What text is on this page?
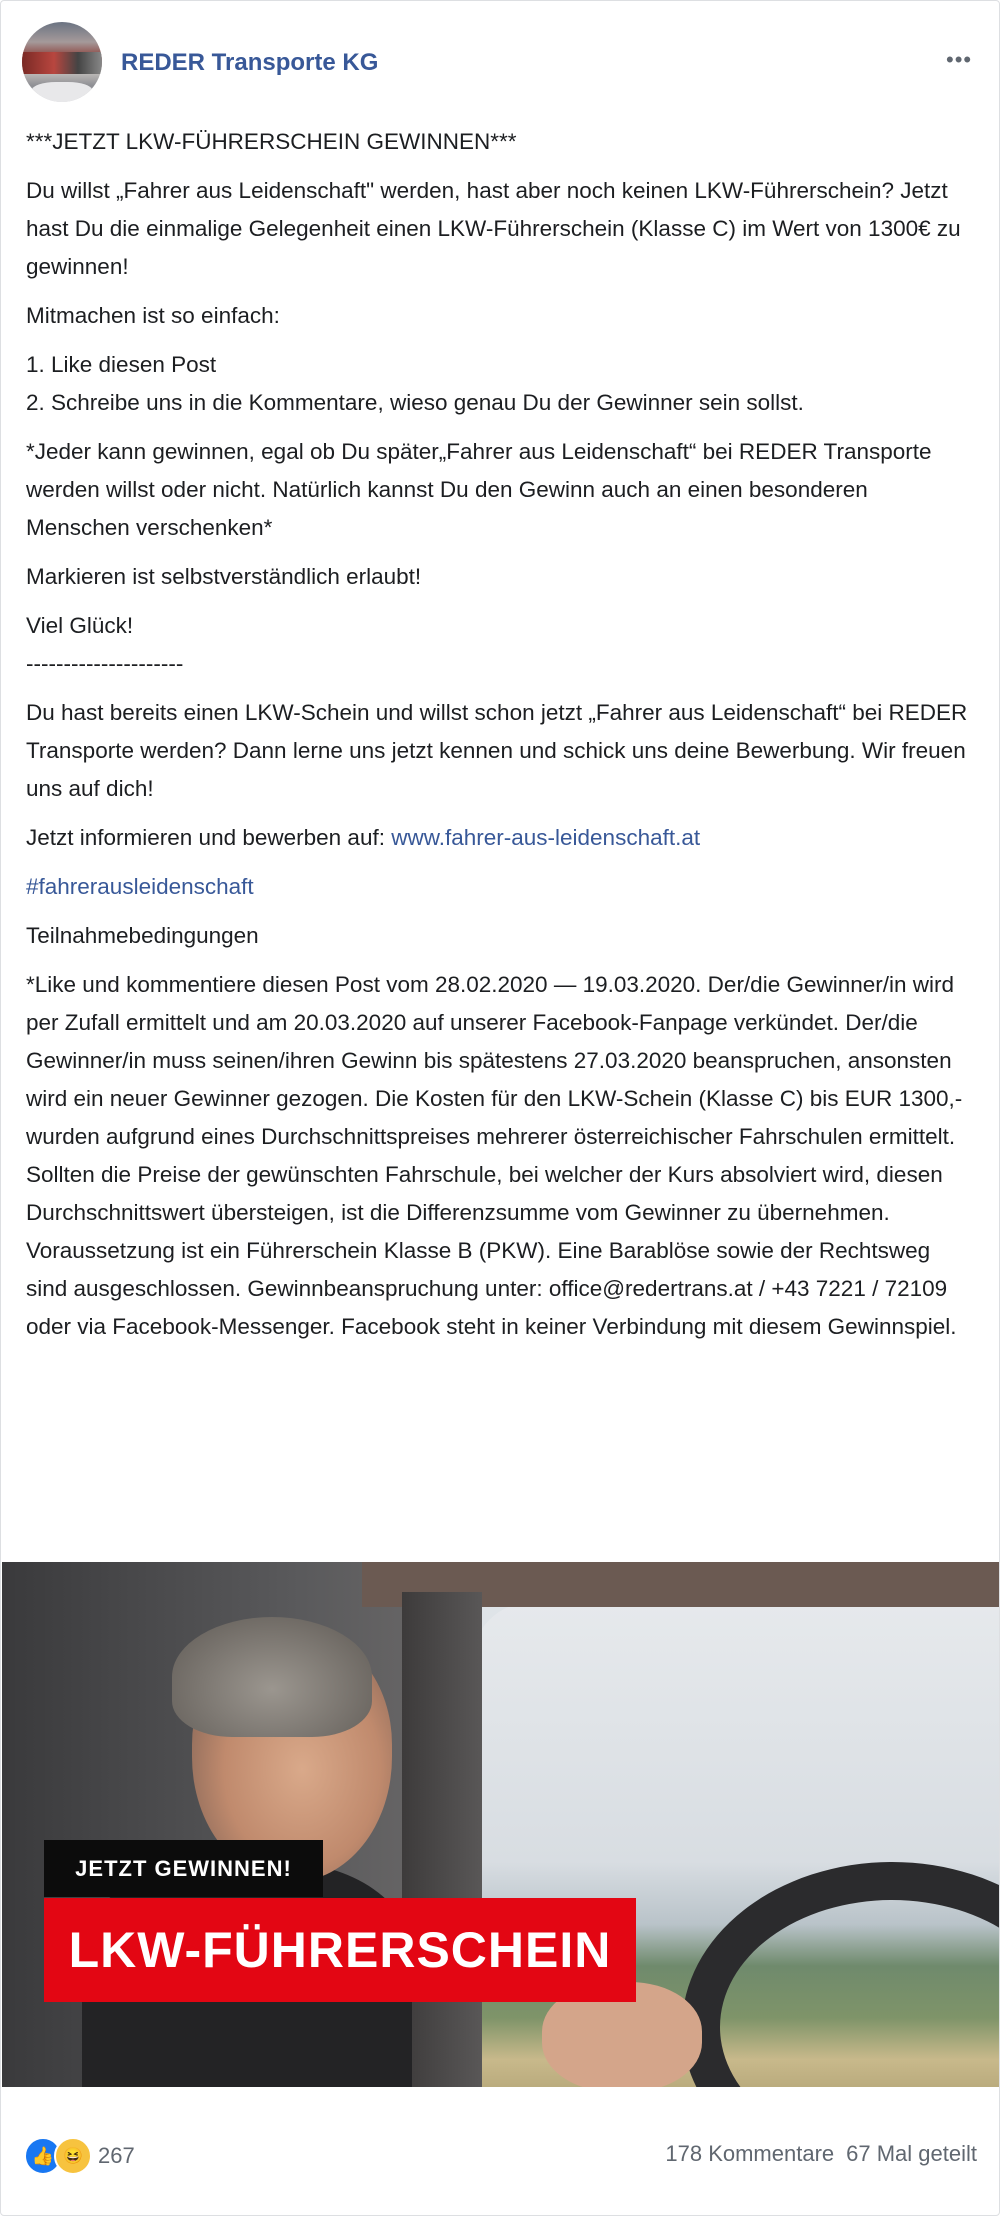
REDER Transporte KG	•••

***JETZT LKW-FÜHRERSCHEIN GEWINNEN***

Du willst „Fahrer aus Leidenschaft" werden, hast aber noch keinen LKW-Führerschein? Jetzt hast Du die einmalige Gelegenheit einen LKW-Führerschein (Klasse C) im Wert von 1300€ zu gewinnen!

Mitmachen ist so einfach:

1. Like diesen Post
2. Schreibe uns in die Kommentare, wieso genau Du der Gewinner sein sollst.

*Jeder kann gewinnen, egal ob Du später„Fahrer aus Leidenschaft“ bei REDER Transporte werden willst oder nicht. Natürlich kannst Du den Gewinn auch an einen besonderen Menschen verschenken*

Markieren ist selbstverständlich erlaubt!

Viel Glück!
---------------------

Du hast bereits einen LKW-Schein und willst schon jetzt „Fahrer aus Leidenschaft“ bei REDER Transporte werden? Dann lerne uns jetzt kennen und schick uns deine Bewerbung. Wir freuen uns auf dich!

Jetzt informieren und bewerben auf: www.fahrer-aus-leidenschaft.at

#fahrerausleidenschaft

Teilnahmebedingungen

*Like und kommentiere diesen Post vom 28.02.2020 — 19.03.2020. Der/die Gewinner/in wird per Zufall ermittelt und am 20.03.2020 auf unserer Facebook-Fanpage verkündet. Der/die Gewinner/in muss seinen/ihren Gewinn bis spätestens 27.03.2020 beanspruchen, ansonsten wird ein neuer Gewinner gezogen. Die Kosten für den LKW-Schein (Klasse C) bis EUR 1300,- wurden aufgrund eines Durchschnittspreises mehrerer österreichischer Fahrschulen ermittelt. Sollten die Preise der gewünschten Fahrschule, bei welcher der Kurs absolviert wird, diesen Durchschnittswert übersteigen, ist die Differenzsumme vom Gewinner zu übernehmen. Voraussetzung ist ein Führerschein Klasse B (PKW). Eine Barablöse sowie der Rechtsweg sind ausgeschlossen. Gewinnbeanspruchung unter: office@redertrans.at / +43 7221 / 72109 oder via Facebook-Messenger. Facebook steht in keiner Verbindung mit diesem Gewinnspiel.

JETZT GEWINNEN!
LKW-FÜHRERSCHEIN
👍 😆 267	178 Kommentare 67 Mal geteilt
